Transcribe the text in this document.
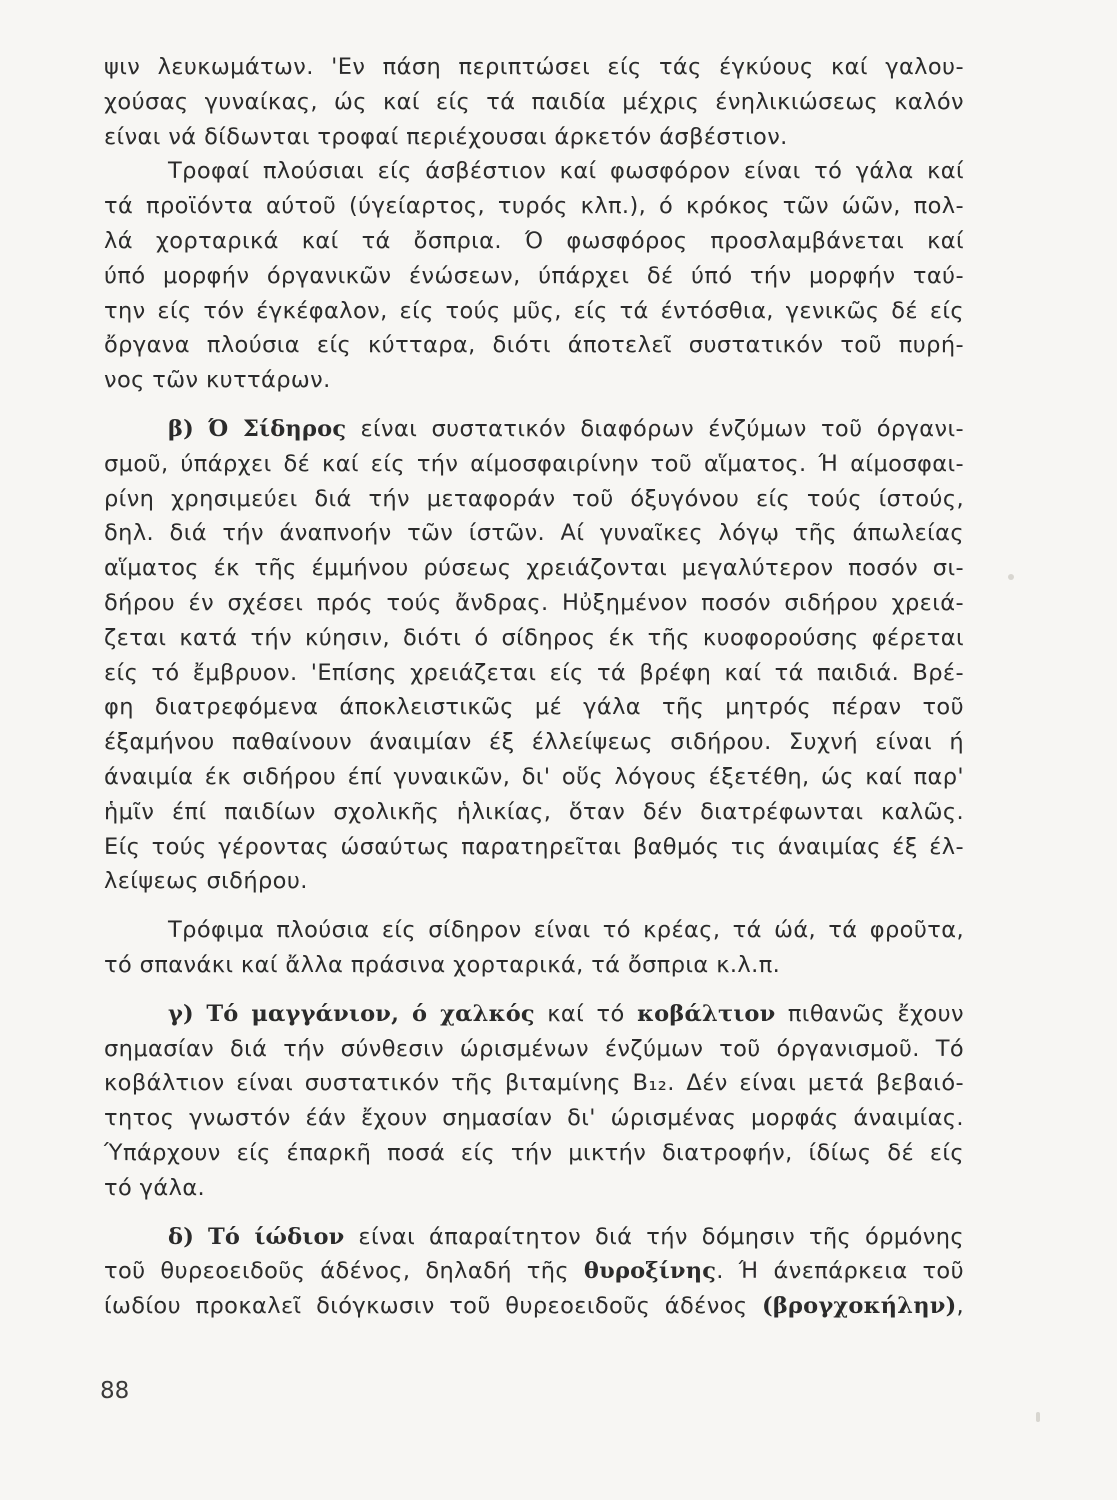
ψιν λευκωμάτων. 'Εν πάση περιπτώσει είς τάς έγκύους καί γαλου-
χούσας γυναίκας, ώς καί είς τά παιδία μέχρις ένηλικιώσεως καλόν
είναι νά δίδωνται τροφαί περιέχουσαι άρκετόν άσβέστιον.
Τροφαί πλούσιαι είς άσβέστιον καί φωσφόρον είναι τό γάλα καί
τά προϊόντα αύτοῦ (ύγείαρτος, τυρός κλπ.), ό κρόκος τῶν ώῶν, πολ-
λά χορταρικά καί τά ὄσπρια. Ό φωσφόρος προσλαμβάνεται καί
ύπό μορφήν όργανικῶν ένώσεων, ύπάρχει δέ ύπό τήν μορφήν ταύ-
την είς τόν έγκέφαλον, είς τούς μῦς, είς τά έντόσθια, γενικῶς δέ είς
ὄργανα πλούσια είς κύτταρα, διότι άποτελεῖ συστατικόν τοῦ πυρή-
νος τῶν κυττάρων.
β) Ό Σίδηρος είναι συστατικόν διαφόρων ένζύμων τοῦ όργανι-
σμοῦ, ύπάρχει δέ καί είς τήν αίμοσφαιρίνην τοῦ αἵματος. Ή αίμοσφαι-
ρίνη χρησιμεύει διά τήν μεταφοράν τοῦ όξυγόνου είς τούς ίστούς,
δηλ. διά τήν άναπνοήν τῶν ίστῶν. Αί γυναῖκες λόγῳ τῆς άπωλείας
αἵματος έκ τῆς έμμήνου ρύσεως χρειάζονται μεγαλύτερον ποσόν σι-
δήρου έν σχέσει πρός τούς ἄνδρας. Ηὐξημένον ποσόν σιδήρου χρειά-
ζεται κατά τήν κύησιν, διότι ό σίδηρος έκ τῆς κυοφορούσης φέρεται
είς τό ἔμβρυον. 'Επίσης χρειάζεται είς τά βρέφη καί τά παιδιά. Βρέ-
φη διατρεφόμενα άποκλειστικῶς μέ γάλα τῆς μητρός πέραν τοῦ
έξαμήνου παθαίνουν άναιμίαν έξ έλλείψεως σιδήρου. Συχνή είναι ή
άναιμία έκ σιδήρου έπί γυναικῶν, δι' οὕς λόγους έξετέθη, ώς καί παρ'
ἡμῖν έπί παιδίων σχολικῆς ἡλικίας, ὅταν δέν διατρέφωνται καλῶς.
Είς τούς γέροντας ώσαύτως παρατηρεῖται βαθμός τις άναιμίας έξ έλ-
λείψεως σιδήρου.
Τρόφιμα πλούσια είς σίδηρον είναι τό κρέας, τά ώά, τά φροῦτα,
τό σπανάκι καί ἄλλα πράσινα χορταρικά, τά ὄσπρια κ.λ.π.
γ) Τό μαγγάνιον, ό χαλκός καί τό κοβάλτιον πιθανῶς ἔχουν
σημασίαν διά τήν σύνθεσιν ώρισμένων ένζύμων τοῦ όργανισμοῦ. Τό
κοβάλτιον είναι συστατικόν τῆς βιταμίνης B₁₂. Δέν είναι μετά βεβαιό-
τητος γνωστόν έάν ἔχουν σημασίαν δι' ώρισμένας μορφάς άναιμίας.
Ύπάρχουν είς έπαρκῆ ποσά είς τήν μικτήν διατροφήν, ίδίως δέ είς
τό γάλα.
δ) Τό ίώδιον είναι άπαραίτητον διά τήν δόμησιν τῆς όρμόνης
τοῦ θυρεοειδοῦς άδένος, δηλαδή τῆς θυροξίνης. Ή άνεπάρκεια τοῦ
ίωδίου προκαλεῖ διόγκωσιν τοῦ θυρεοειδοῦς άδένος (βρογχοκήλην),
88
